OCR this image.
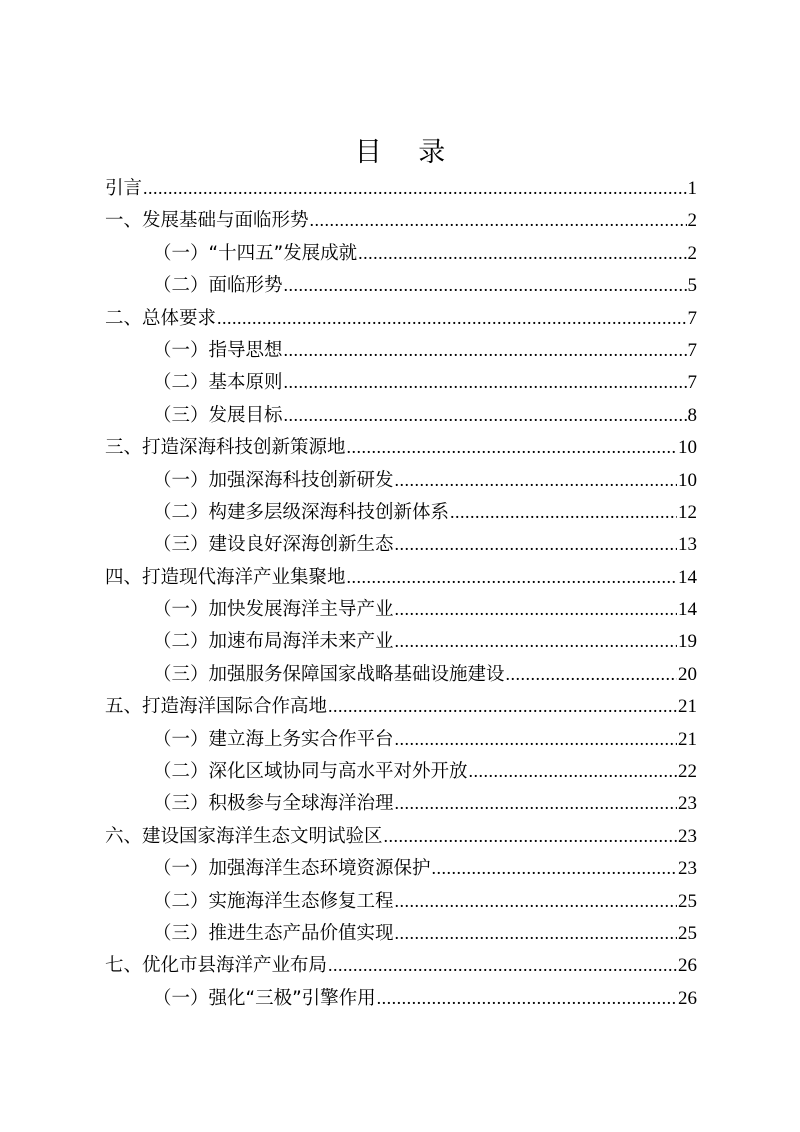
目 录
引言 .....	1
一、发展基础与面临形势 .....	2
（一）“十四五”发展成就 .....	2
（二）面临形势 .....	5
二、总体要求 .....	7
（一）指导思想 .....	7
（二）基本原则 .....	7
（三）发展目标 .....	8
三、打造深海科技创新策源地 .....	10
（一）加强深海科技创新研发 .....	10
（二）构建多层级深海科技创新体系 .....	12
（三）建设良好深海创新生态 .....	13
四、打造现代海洋产业集聚地 .....	14
（一）加快发展海洋主导产业 .....	14
（二）加速布局海洋未来产业 .....	19
（三）加强服务保障国家战略基础设施建设 .....	20
五、打造海洋国际合作高地 .....	21
（一）建立海上务实合作平台 .....	21
（二）深化区域协同与高水平对外开放 .....	22
（三）积极参与全球海洋治理 .....	23
六、建设国家海洋生态文明试验区 .....	23
（一）加强海洋生态环境资源保护 .....	23
（二）实施海洋生态修复工程 .....	25
（三）推进生态产品价值实现 .....	25
七、优化市县海洋产业布局 .....	26
（一）强化“三极”引擎作用 .....	26
